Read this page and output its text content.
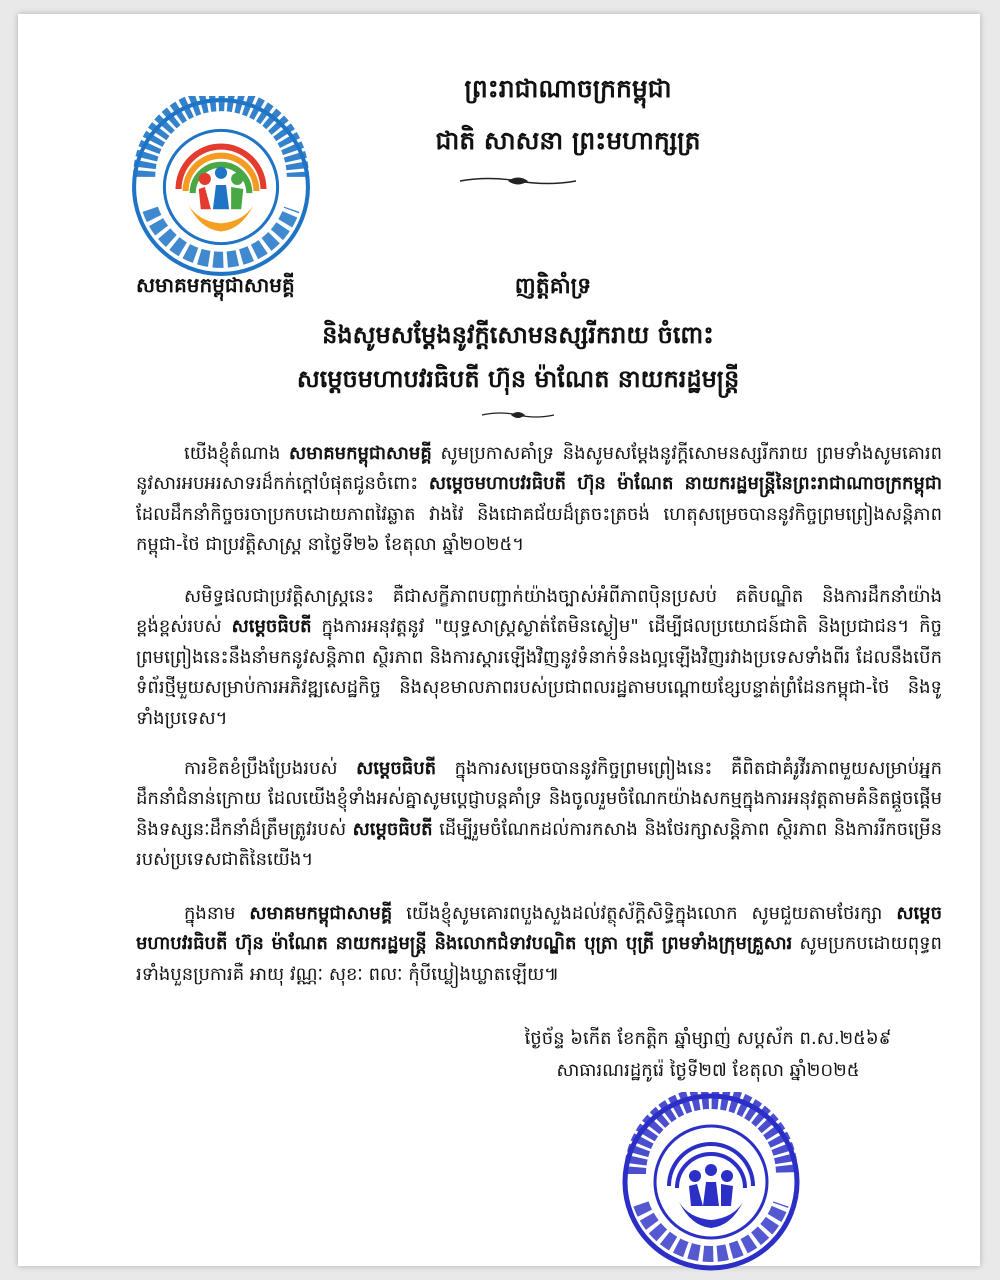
ព្រះរាជាណាចក្រកម្ពុជា
ជាតិ សាសនា ព្រះមហាក្សត្រ
សមាគមកម្ពុជាសាមគ្គី	ញត្តិគាំទ្រ
និងសូមសម្ដែងនូវក្ដីសោមនស្សរីករាយ ចំពោះ
សម្ដេចមហាបវរធិបតី ហ៊ុន ម៉ាណែត នាយករដ្ឋមន្ត្រី
យើងខ្ញុំតំណាង សមាគមកម្ពុជាសាមគ្គី សូមប្រកាសគាំទ្រ និងសូមសម្ដែងនូវក្តីសោមនស្សរីករាយ ព្រមទាំងសូមគោរពនូវសារអបអរសាទរដ៏កក់ក្ដៅបំផុតជូនចំពោះ សម្ដេចមហាបវរធិបតី ហ៊ុន ម៉ាណែត នាយករដ្ឋមន្ត្រីនៃព្រះរាជាណាចក្រកម្ពុជា ដែលដឹកនាំកិច្ចចរចាប្រកបដោយភាពវៃឆ្លាត វាងវៃ និងជោគជ័យដ៏ត្រចះត្រចង់ ហេតុសម្រេចបាននូវកិច្ចព្រមព្រៀងសន្តិភាពកម្ពុជា-ថៃ ជាប្រវត្តិសាស្ត្រ នាថ្ងៃទី២៦ ខែតុលា ឆ្នាំ២០២៥។
សមិទ្ធផលជាប្រវត្តិសាស្ត្រនេះ គឺជាសក្ខីភាពបញ្ជាក់យ៉ាងច្បាស់អំពីភាពប៉ិនប្រសប់ គតិបណ្ឌិត និងការដឹកនាំយ៉ាងខ្ពង់ខ្ពស់របស់ សម្ដេចធិបតី ក្នុងការអនុវត្តនូវ "យុទ្ធសាស្ត្រស្ងាត់តែមិនស្ងៀម" ដើម្បីផលប្រយោជន៍ជាតិ និងប្រជាជន។ កិច្ចព្រមព្រៀងនេះនឹងនាំមកនូវសន្តិភាព ស្ថិរភាព និងការស្ដារឡើងវិញនូវទំនាក់ទំនងល្អឡើងវិញរវាងប្រទេសទាំងពីរ ដែលនឹងបើកទំព័រថ្មីមួយសម្រាប់ការអភិវឌ្ឍសេដ្ឋកិច្ច និងសុខមាលភាពរបស់ប្រជាពលរដ្ឋតាមបណ្ដោយខ្សែបន្ទាត់ព្រំដែនកម្ពុជា-ថៃ និងទូទាំងប្រទេស។
ការខិតខំប្រឹងប្រែងរបស់ សម្ដេចធិបតី ក្នុងការសម្រេចបាននូវកិច្ចព្រមព្រៀងនេះ គឺពិតជាគំរូវីរភាពមួយសម្រាប់អ្នកដឹកនាំជំនាន់ក្រោយ ដែលយើងខ្ញុំទាំងអស់គ្នាសូមប្ដេជ្ញាបន្តគាំទ្រ និងចូលរួមចំណែកយ៉ាងសកម្មក្នុងការអនុវត្តតាមគំនិតផ្ដួចផ្ដើម និងទស្សនៈដឹកនាំដ៏ត្រឹមត្រូវរបស់ សម្ដេចធិបតី ដើម្បីរួមចំណែកដល់ការកសាង និងថែរក្សាសន្តិភាព ស្ថិរភាព និងការរីកចម្រើនរបស់ប្រទេសជាតិនៃយើង។
ក្នុងនាម សមាគមកម្ពុជាសាមគ្គី យើងខ្ញុំសូមគោរពបួងសួងដល់វត្ថុស័ក្តិសិទ្ធិក្នុងលោក សូមជួយតាមថែរក្សា សម្ដេចមហាបវរធិបតី ហ៊ុន ម៉ាណែត នាយករដ្ឋមន្ត្រី និងលោកជំទាវបណ្ឌិត បុត្រា បុត្រី ព្រមទាំងក្រុមគ្រួសារ សូមប្រកបដោយពុទ្ធពរទាំងបួនប្រការគឺ អាយុ វណ្ណៈ សុខៈ ពលៈ កុំបីឃ្លៀងឃ្លាតឡើយ៕
ថ្ងៃច័ន្ទ ៦កើត ខែកត្តិក ឆ្នាំម្សាញ់ សប្តស័ក ព.ស.២៥៦៩
សាធារណរដ្ឋកូរ៉េ ថ្ងៃទី២៧ ខែតុលា ឆ្នាំ២០២៥
